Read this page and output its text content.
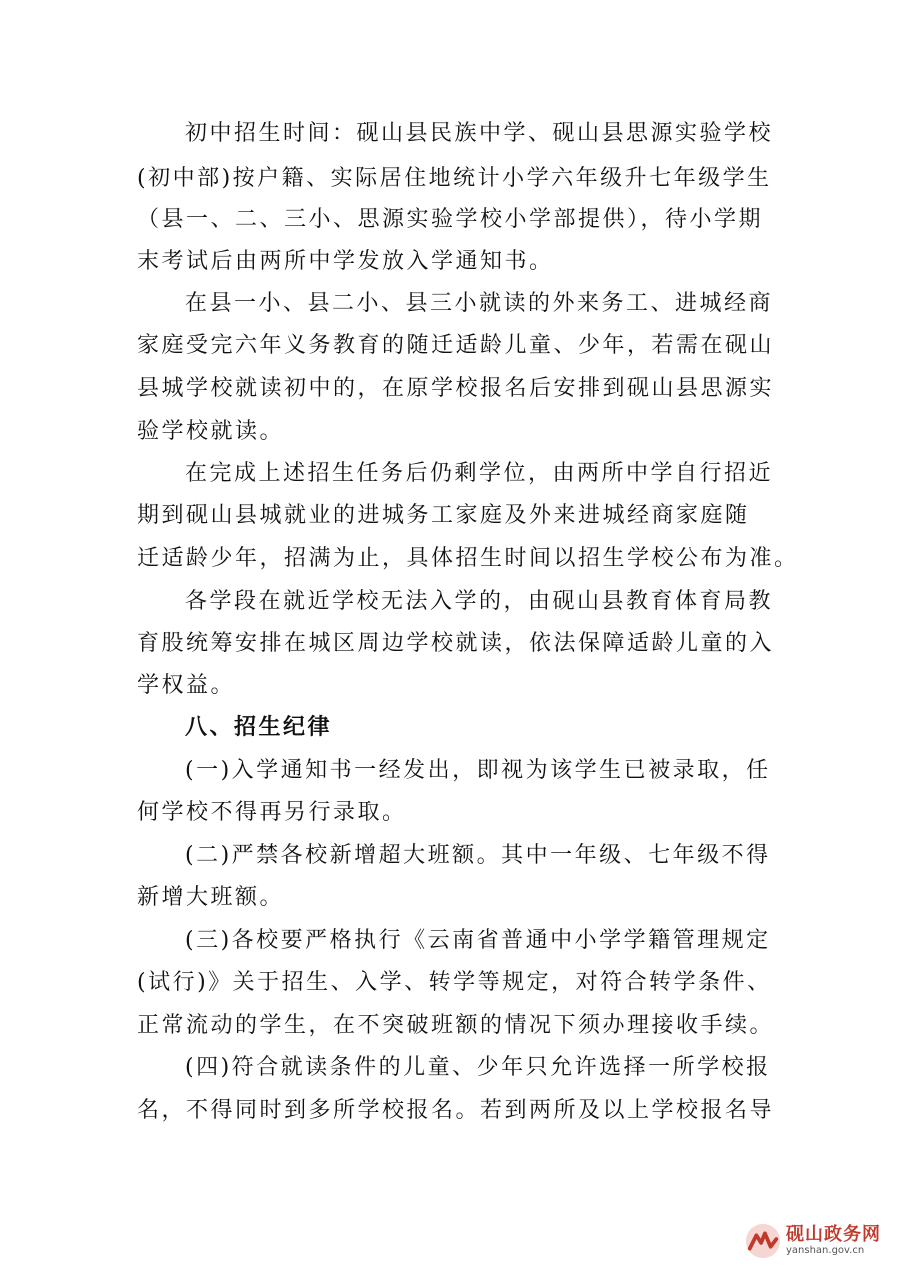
初中招生时间：砚山县民族中学、砚山县思源实验学校
(初中部)按户籍、实际居住地统计小学六年级升七年级学生
（县一、二、三小、思源实验学校小学部提供），待小学期
末考试后由两所中学发放入学通知书。
在县一小、县二小、县三小就读的外来务工、进城经商
家庭受完六年义务教育的随迁适龄儿童、少年，若需在砚山
县城学校就读初中的，在原学校报名后安排到砚山县思源实
验学校就读。
在完成上述招生任务后仍剩学位，由两所中学自行招近
期到砚山县城就业的进城务工家庭及外来进城经商家庭随
迁适龄少年，招满为止，具体招生时间以招生学校公布为准。
各学段在就近学校无法入学的，由砚山县教育体育局教
育股统筹安排在城区周边学校就读，依法保障适龄儿童的入
学权益。
八、招生纪律
(一)入学通知书一经发出，即视为该学生已被录取，任
何学校不得再另行录取。
(二)严禁各校新增超大班额。其中一年级、七年级不得
新增大班额。
(三)各校要严格执行《云南省普通中小学学籍管理规定
(试行)》关于招生、入学、转学等规定，对符合转学条件、
正常流动的学生，在不突破班额的情况下须办理接收手续。
(四)符合就读条件的儿童、少年只允许选择一所学校报
名，不得同时到多所学校报名。若到两所及以上学校报名导
砚山政务网
yanshan.gov.cn
